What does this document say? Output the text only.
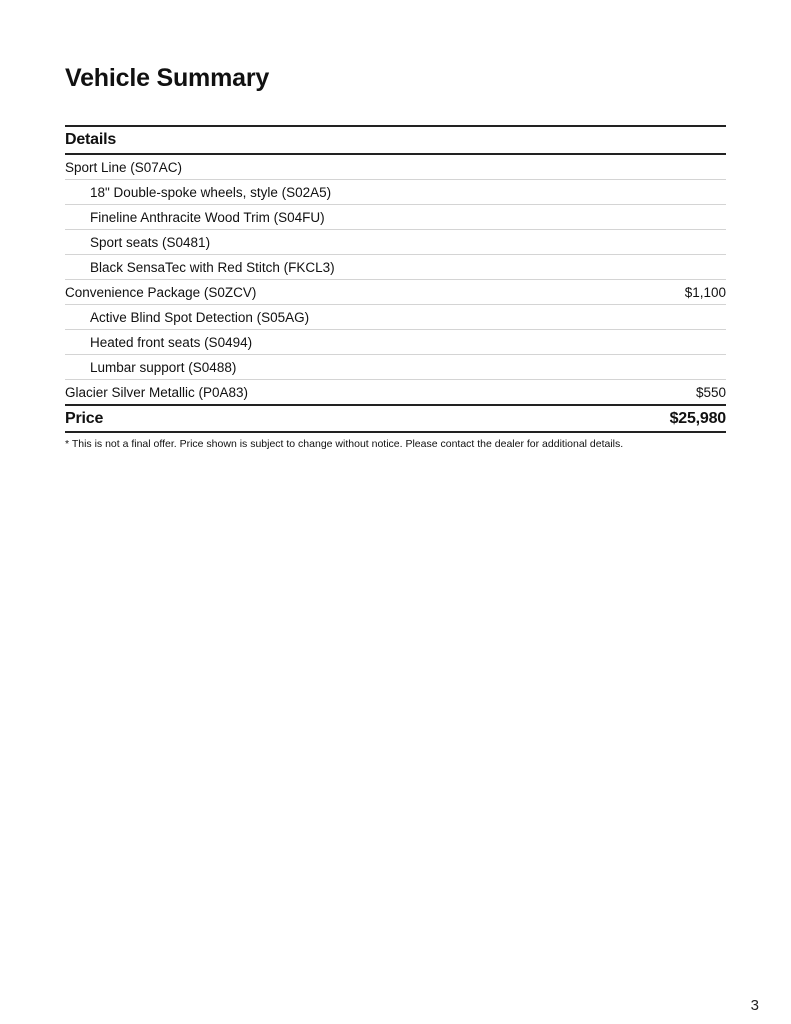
Vehicle Summary
Details
Sport Line (S07AC)
18" Double-spoke wheels, style (S02A5)
Fineline Anthracite Wood Trim (S04FU)
Sport seats (S0481)
Black SensaTec with Red Stitch (FKCL3)
Convenience Package (S0ZCV)	$1,100
Active Blind Spot Detection (S05AG)
Heated front seats (S0494)
Lumbar support (S0488)
Glacier Silver Metallic (P0A83)	$550
Price	$25,980
* This is not a final offer. Price shown is subject to change without notice. Please contact the dealer for additional details.
3
